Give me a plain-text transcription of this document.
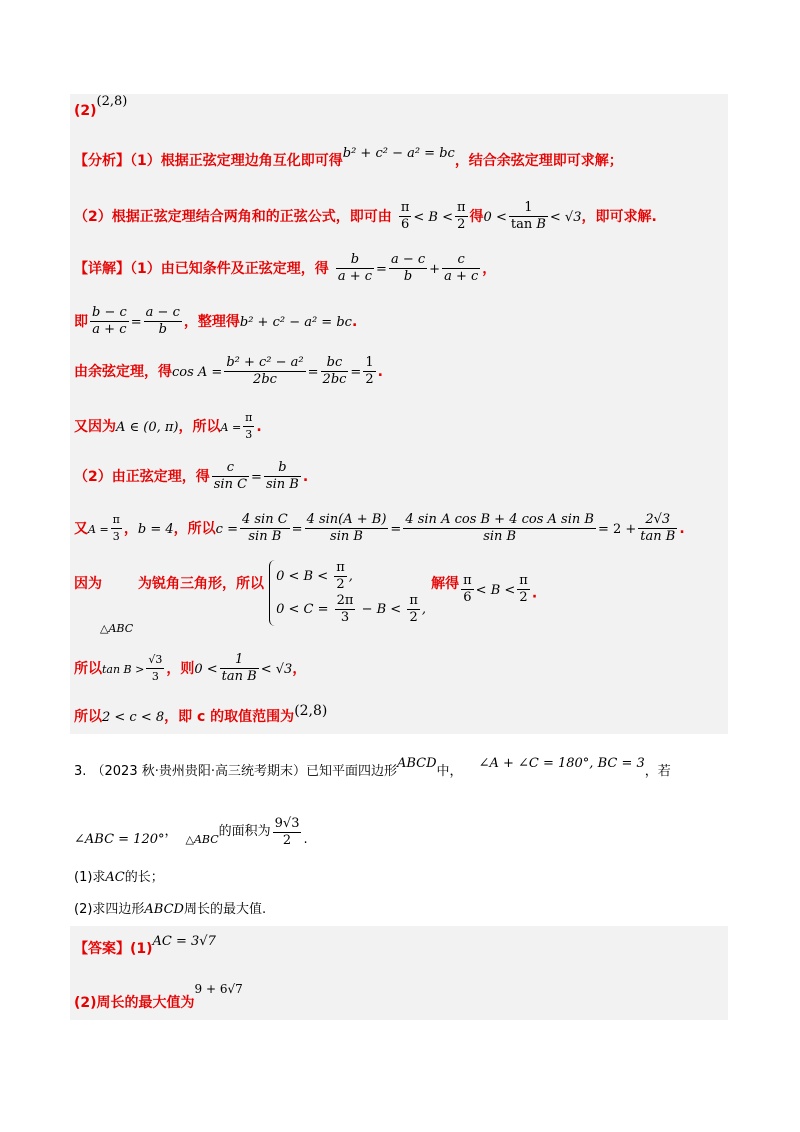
$(2)^{(2,8)}$
【分析】（1）根据正弦定理边角互化即可得$^{b^2 + c^2 - a^2 = bc}$，结合余弦定理即可求解；
（2）根据正弦定理结合两角和的正弦公式，即可由 $\frac{\pi}{6} < B < \frac{\pi}{2}$ 得$0 < \frac{1}{\text{tan B}} < √3$，即可求解.
【详解】（1）由已知条件及正弦定理，得 $\frac{b}{a + c} = \frac{a - c}{b} + \frac{c}{a + c}$ ，
即 $\frac{b - c}{a + c} = \frac{a - c}{b}$ ，整理得b² + c² − a² = bc.
由余弦定理，得$\cos A = \frac{\text{b² + c² − a²}}{2bc} = \frac{bc}{2bc} = \frac{1}{2}$ .
又因为A ∈ (0, π)，所以$A = \frac{\pi}{3}$ .
（2）由正弦定理，得 $\frac{c}{\text{sin C}} = \frac{b}{\text{sin B}}$ .
又$A = \frac{\pi}{3}$ ，b = 4，所以$c = \frac{\text{4 sin C}}{\text{sin B}} = \frac{4 \sin(A + B)}{\text{sin B}} = \frac{\text{4 sin A cos B + 4 cos A sin B}}{\text{sin B}} = 2 + \frac{2√3}{\text{tan B}}$ .
因为	为锐角三角形，所以 $0 < B < \frac{\pi}{2}$ ,
$0 < C = \frac{2\pi}{3} - B < \frac{\pi}{2}$ ,
解得 $\frac{\pi}{6} ^{< B <} \frac{\pi}{2}$ .
△ABC
所以$\tan B > \frac{√3}{3}$ ，则$0 < \frac{1}{\text{tan B}} < √3$，
所以2 < c < 8，即 c 的取值范围为(2,8)
3. （2023 秋·贵州贵阳·高三统考期末）已知平面四边形$^{ABCD}$中，$^{\angle A + \angle C = 180^\circ, BC = 3}$，若
∠ABC = $120^\circ^,\triangle ABC^{的面积为} \frac{9√3}{2}$ .
(1)求AC的长；
(2)求四边形ABCD周长的最大值.
【答案】(1)AC = 3√7
(2)周长的最大值为9 + 6√7
